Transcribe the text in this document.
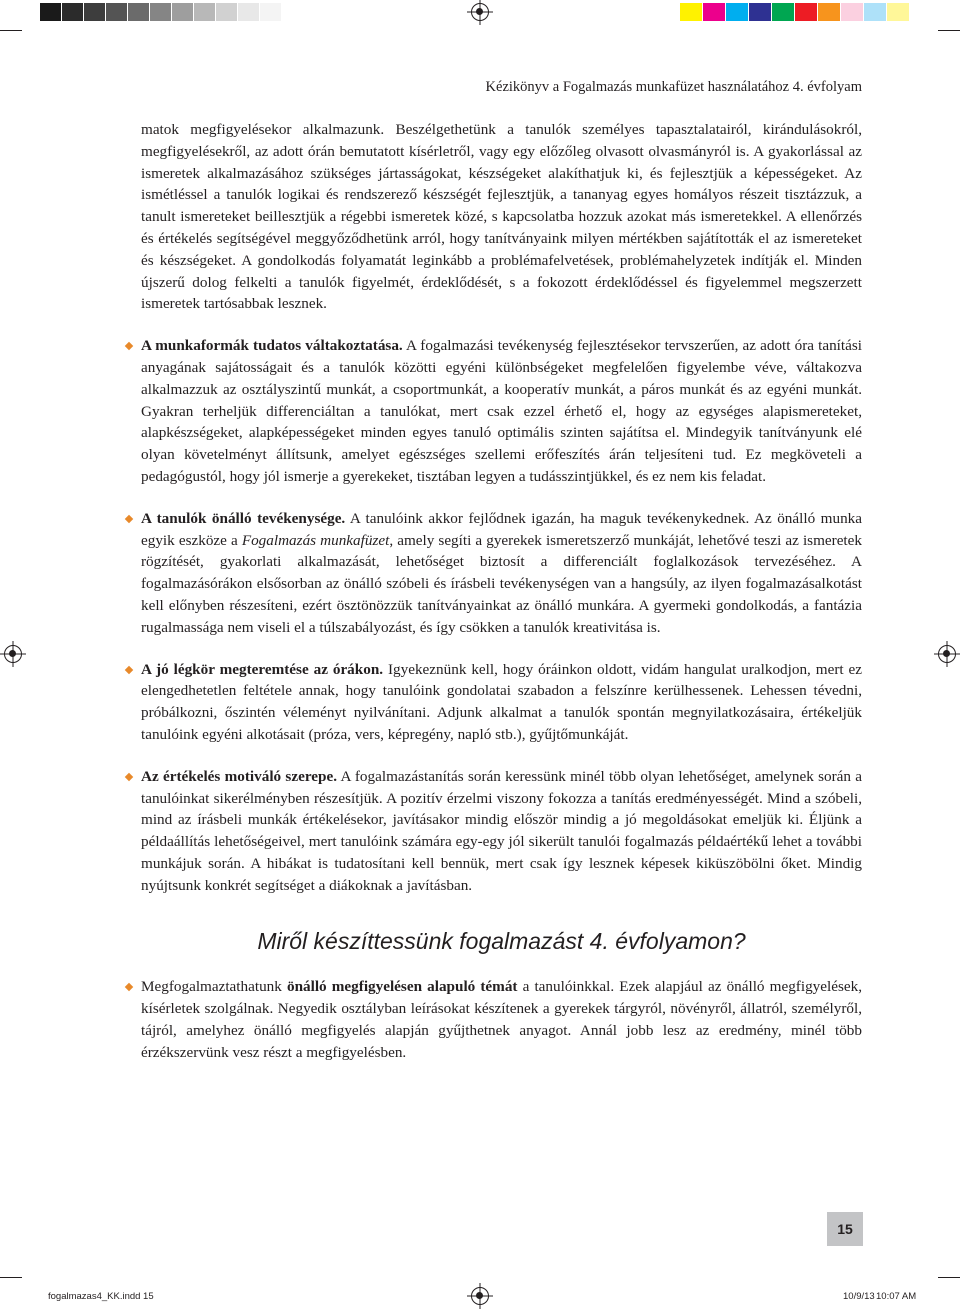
Kézikönyv a Fogalmazás munkafüzet használatához 4. évfolyam

matok megfigyelésekor alkalmazunk. Beszélgethetünk a tanulók személyes tapasztalatairól, kirándulásokról, megfigyelésekről, az adott órán bemutatott kísérletről, vagy egy előzőleg olvasott olvasmányról is. A gyakorlással az ismeretek alkalmazásához szükséges jártasságokat, készségeket alakíthatjuk ki, és fejlesztjük a képességeket. Az ismétléssel a tanulók logikai és rendszerező készségét fejlesztjük, a tananyag egyes homályos részeit tisztázzuk, a tanult ismereteket beillesztjük a régebbi ismeretek közé, s kapcsolatba hozzuk azokat más ismeretekkel. A ellenőrzés és értékelés segítségével meggyőződhetünk arról, hogy tanítványaink milyen mértékben sajátították el az ismereteket és készségeket. A gondolkodás folyamatát leginkább a problémafelvetések, problémahelyzetek indítják el. Minden újszerű dolog felkelti a tanulók figyelmét, érdeklődését, s a fokozott érdeklődéssel és figyelemmel megszerzett ismeretek tartósabbak lesznek.

A munkaformák tudatos váltakoztatása. A fogalmazási tevékenység fejlesztésekor tervszerűen, az adott óra tanítási anyagának sajátosságait és a tanulók közötti egyéni különbségeket megfelelően figyelembe véve, váltakozva alkalmazzuk az osztályszintű munkát, a csoportmunkát, a kooperatív munkát, a páros munkát és az egyéni munkát. Gyakran terheljük differenciáltan a tanulókat, mert csak ezzel érhető el, hogy az egységes alapismereteket, alapkészségeket, alapképességeket minden egyes tanuló optimális szinten sajátítsa el. Mindegyik tanítványunk elé olyan követelményt állítsunk, amelyet egészséges szellemi erőfeszítés árán teljesíteni tud. Ez megköveteli a pedagógustól, hogy jól ismerje a gyerekeket, tisztában legyen a tudásszintjükkel, és ez nem kis feladat.

A tanulók önálló tevékenysége. A tanulóink akkor fejlődnek igazán, ha maguk tevékenykednek. Az önálló munka egyik eszköze a Fogalmazás munkafüzet, amely segíti a gyerekek ismeretszerző munkáját, lehetővé teszi az ismeretek rögzítését, gyakorlati alkalmazását, lehetőséget biztosít a differenciált foglalkozások tervezéséhez. A fogalmazásórákon elsősorban az önálló szóbeli és írásbeli tevékenységen van a hangsúly, az ilyen fogalmazásalkotást kell előnyben részesíteni, ezért ösztönözzük tanítványainkat az önálló munkára. A gyermeki gondolkodás, a fantázia rugalmassága nem viseli el a túlszabályozást, és így csökken a tanulók kreativitása is.

A jó légkör megteremtése az órákon. Igyekeznünk kell, hogy óráinkon oldott, vidám hangulat uralkodjon, mert ez elengedhetetlen feltétele annak, hogy tanulóink gondolatai szabadon a felszínre kerülhessenek. Lehessen tévedni, próbálkozni, őszintén véleményt nyilvánítani. Adjunk alkalmat a tanulók spontán megnyilatkozásaira, értékeljük tanulóink egyéni alkotásait (próza, vers, képregény, napló stb.), gyűjtőmunkáját.

Az értékelés motiváló szerepe. A fogalmazástanítás során keressünk minél több olyan lehetőséget, amelynek során a tanulóinkat sikerélményben részesítjük. A pozitív érzelmi viszony fokozza a tanítás eredményességét. Mind a szóbeli, mind az írásbeli munkák értékelésekor, javításakor mindig először mindig a jó megoldásokat emeljük ki. Éljünk a példaállítás lehetőségeivel, mert tanulóink számára egy-egy jól sikerült tanulói fogalmazás példaértékű lehet a további munkájuk során. A hibákat is tudatosítani kell bennük, mert csak így lesznek képesek kiküszöbölni őket. Mindig nyújtsunk konkrét segítséget a diákoknak a javításban.

Miről készíttessünk fogalmazást 4. évfolyamon?

Megfogalmaztathatunk önálló megfigyelésen alapuló témát a tanulóinkkal. Ezek alapjául az önálló megfigyelések, kísérletek szolgálnak. Negyedik osztályban leírásokat készítenek a gyerekek tárgyról, növényről, állatról, személyről, tájról, amelyhez önálló megfigyelés alapján gyűjthetnek anyagot. Annál jobb lesz az eredmény, minél több érzékszervünk vesz részt a megfigyelésben.

15
fogalmazas4_KK.indd 15	10/9/13 10:07 AM
